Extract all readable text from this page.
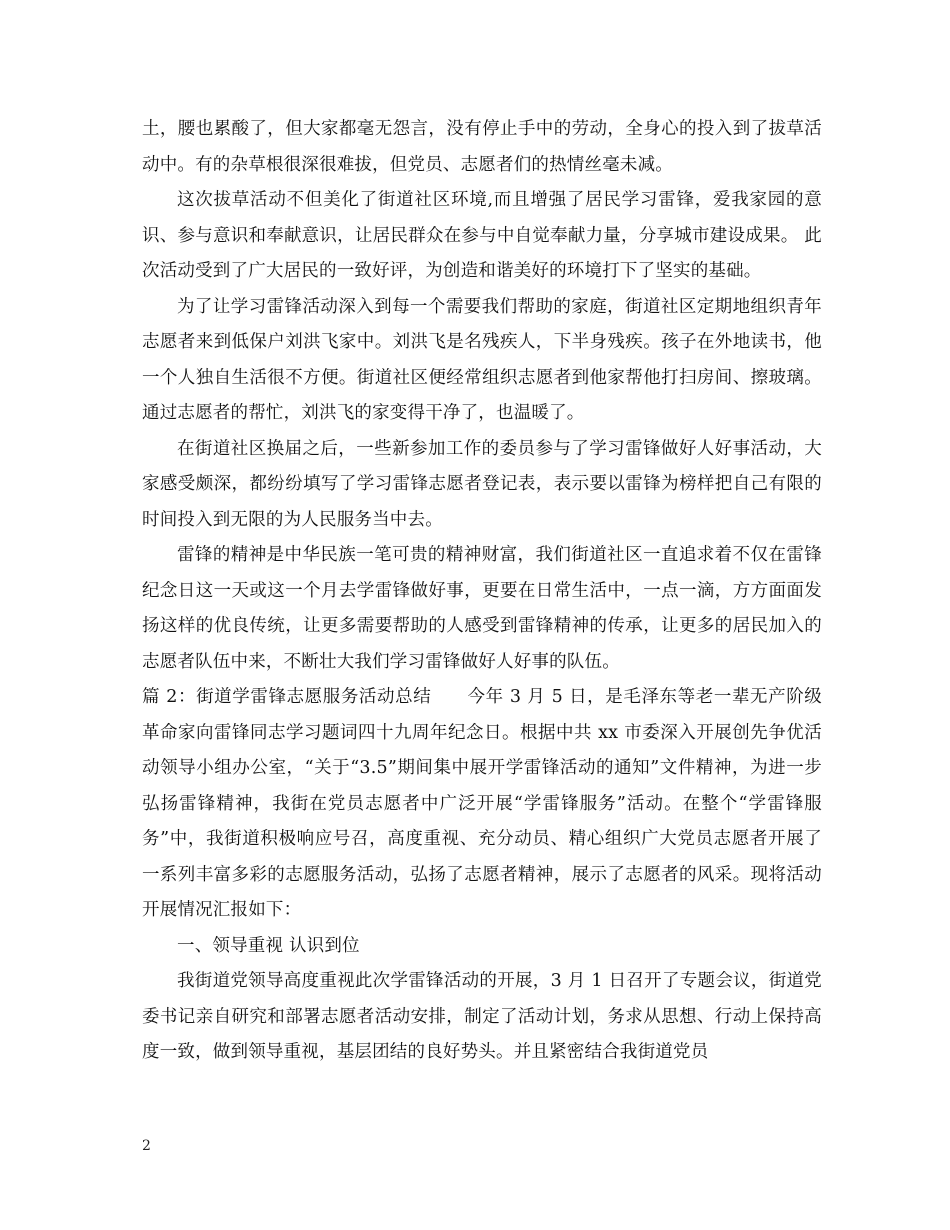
土，腰也累酸了，但大家都毫无怨言，没有停止手中的劳动，全身心的投入到了拔草活动中。有的杂草根很深很难拔，但党员、志愿者们的热情丝毫未减。

这次拔草活动不但美化了街道社区环境,而且增强了居民学习雷锋，爱我家园的意识、参与意识和奉献意识，让居民群众在参与中自觉奉献力量，分享城市建设成果。 此次活动受到了广大居民的一致好评，为创造和谐美好的环境打下了坚实的基础。

为了让学习雷锋活动深入到每一个需要我们帮助的家庭，街道社区定期地组织青年志愿者来到低保户刘洪飞家中。刘洪飞是名残疾人，下半身残疾。孩子在外地读书，他一个人独自生活很不方便。街道社区便经常组织志愿者到他家帮他打扫房间、擦玻璃。通过志愿者的帮忙，刘洪飞的家变得干净了，也温暖了。

在街道社区换届之后，一些新参加工作的委员参与了学习雷锋做好人好事活动，大家感受颇深，都纷纷填写了学习雷锋志愿者登记表，表示要以雷锋为榜样把自己有限的时间投入到无限的为人民服务当中去。

雷锋的精神是中华民族一笔可贵的精神财富，我们街道社区一直追求着不仅在雷锋纪念日这一天或这一个月去学雷锋做好事，更要在日常生活中，一点一滴，方方面面发扬这样的优良传统，让更多需要帮助的人感受到雷锋精神的传承，让更多的居民加入的志愿者队伍中来，不断壮大我们学习雷锋做好人好事的队伍。

篇 2：街道学雷锋志愿服务活动总结　　今年 3 月 5 日，是毛泽东等老一辈无产阶级革命家向雷锋同志学习题词四十九周年纪念日。根据中共 xx 市委深入开展创先争优活动领导小组办公室，“关于“3.5”期间集中展开学雷锋活动的通知”文件精神，为进一步弘扬雷锋精神，我街在党员志愿者中广泛开展“学雷锋服务”活动。在整个“学雷锋服务”中，我街道积极响应号召，高度重视、充分动员、精心组织广大党员志愿者开展了一系列丰富多彩的志愿服务活动，弘扬了志愿者精神，展示了志愿者的风采。现将活动开展情况汇报如下：

一、领导重视 认识到位

我街道党领导高度重视此次学雷锋活动的开展，3 月 1 日召开了专题会议，街道党委书记亲自研究和部署志愿者活动安排，制定了活动计划，务求从思想、行动上保持高度一致，做到领导重视，基层团结的良好势头。并且紧密结合我街道党员

2
